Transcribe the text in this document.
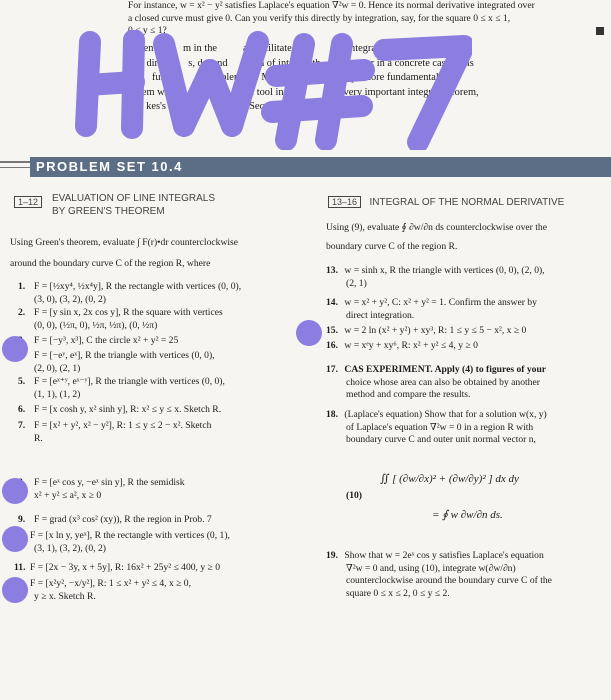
For instance, w = x² − y² satisfies Laplace's equation ∇²w = 0. Hence its normal derivative integrated over
a closed curve must give 0. Can you verify this directly by integration, say, for the square 0 ≤ x ≤ 1,
0 ≤ y ≤ 1?
Green's th     m in the          ay facilitate                 of integrals and can be used in
bot  direct       s, depend       kind of integral th     is simpler in a concrete case. This
tra     fun                  roblem set. Mor            and perhaps more fundamentally,
rem will b                           l tool in                of a very important integral theorem,
kes's                                Sec. 10.9.
PROBLEM SET 10.4
1–12 EVALUATION OF LINE INTEGRALS
BY GREEN'S THEOREM
Using Green's theorem, evaluate ∫ F(r)•dr counterclockwise
around the boundary curve C of the region R, where
1. F = [½xy⁴, ½x⁴y], R the rectangle with vertices (0, 0),
(3, 0), (3, 2), (0, 2)
2. F = [y sin x, 2x cos y], R the square with vertices
(0, 0), (½π, 0), ½π, ½π), (0, ½π)
F = [−y³, x³], C the circle x² + y² = 25
F = [−eʸ, eˣ], R the triangle with vertices (0, 0),
(2, 0), (2, 1)
5. F = [eˣ⁺ʸ, eˣ⁻ʸ], R the triangle with vertices (0, 0),
(1, 1), (1, 2)
6. F = [x cosh y, x² sinh y], R: x² ≤ y ≤ x. Sketch R.
7. F = [x² + y², x² − y²], R: 1 ≤ y ≤ 2 − x². Sketch
R.
F = [eˣ cos y, −eˣ sin y], R the semidisk
x² + y² ≤ a², x ≥ 0
9. F = grad (x³ cos² (xy)), R the region in Prob. 7
F = [x ln y, yeˣ], R the rectangle with vertices (0, 1),
(3, 1), (3, 2), (0, 2)
11. F = [2x − 3y, x + 5y], R: 16x² + 25y² ≤ 400, y ≥ 0
F = [x²y², −x/y²], R: 1 ≤ x² + y² ≤ 4, x ≥ 0,
y ≥ x. Sketch R.
13–16 INTEGRAL OF THE NORMAL DERIVATIVE
Using (9), evaluate ∮ ∂w/∂n ds counterclockwise over the
boundary curve C of the region R.
13. w = sinh x, R the triangle with vertices (0, 0), (2, 0),
(2, 1)
14. w = x² + y², C: x² + y² = 1. Confirm the answer by
direct integration.
15. w = 2 ln (x² + y²) + xy³, R: 1 ≤ y ≤ 5 − x², x ≥ 0
16. w = xᵉy + xy⁶, R: x² + y² ≤ 4, y ≥ 0
17. CAS EXPERIMENT. Apply (4) to figures of your
choice whose area can also be obtained by another
method and compare the results.
18. (Laplace's equation) Show that for a solution w(x, y)
of Laplace's equation ∇²w = 0 in a region R with
boundary curve C and outer unit normal vector n,
(10)
∬ [ (∂w/∂x)² + (∂w/∂y)² ] dx dy
= ∮ w ∂w/∂n ds.
19. Show that w = 2eˣ cos y satisfies Laplace's equation
∇²w = 0 and, using (10), integrate w(∂w/∂n)
counterclockwise around the boundary curve C of the
square 0 ≤ x ≤ 2, 0 ≤ y ≤ 2.
